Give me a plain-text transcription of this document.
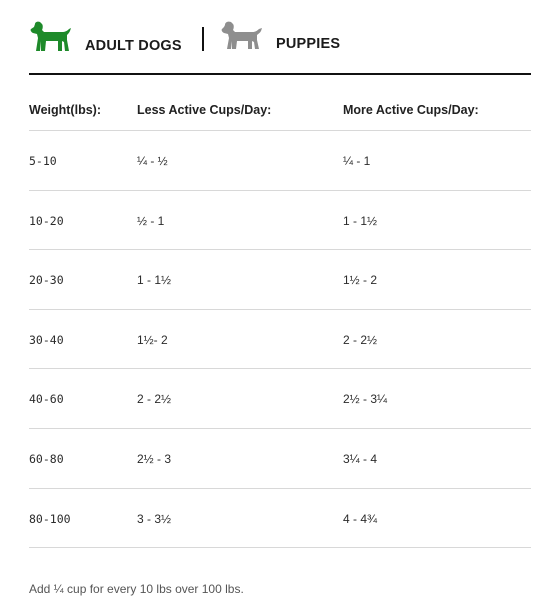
ADULT DOGS	PUPPIES
Weight(lbs):	Less Active Cups/Day:	More Active Cups/Day:
5-10	¼ - ½	¼ - 1
10-20	½ - 1	1 - 1½
20-30	1 - 1½	1½ - 2
30-40	1½- 2	2 - 2½
40-60	2 - 2½	2½ - 3¼
60-80	2½ - 3	3¼ - 4
80-100	3 - 3½	4 - 4¾
Add ¼ cup for every 10 lbs over 100 lbs.
